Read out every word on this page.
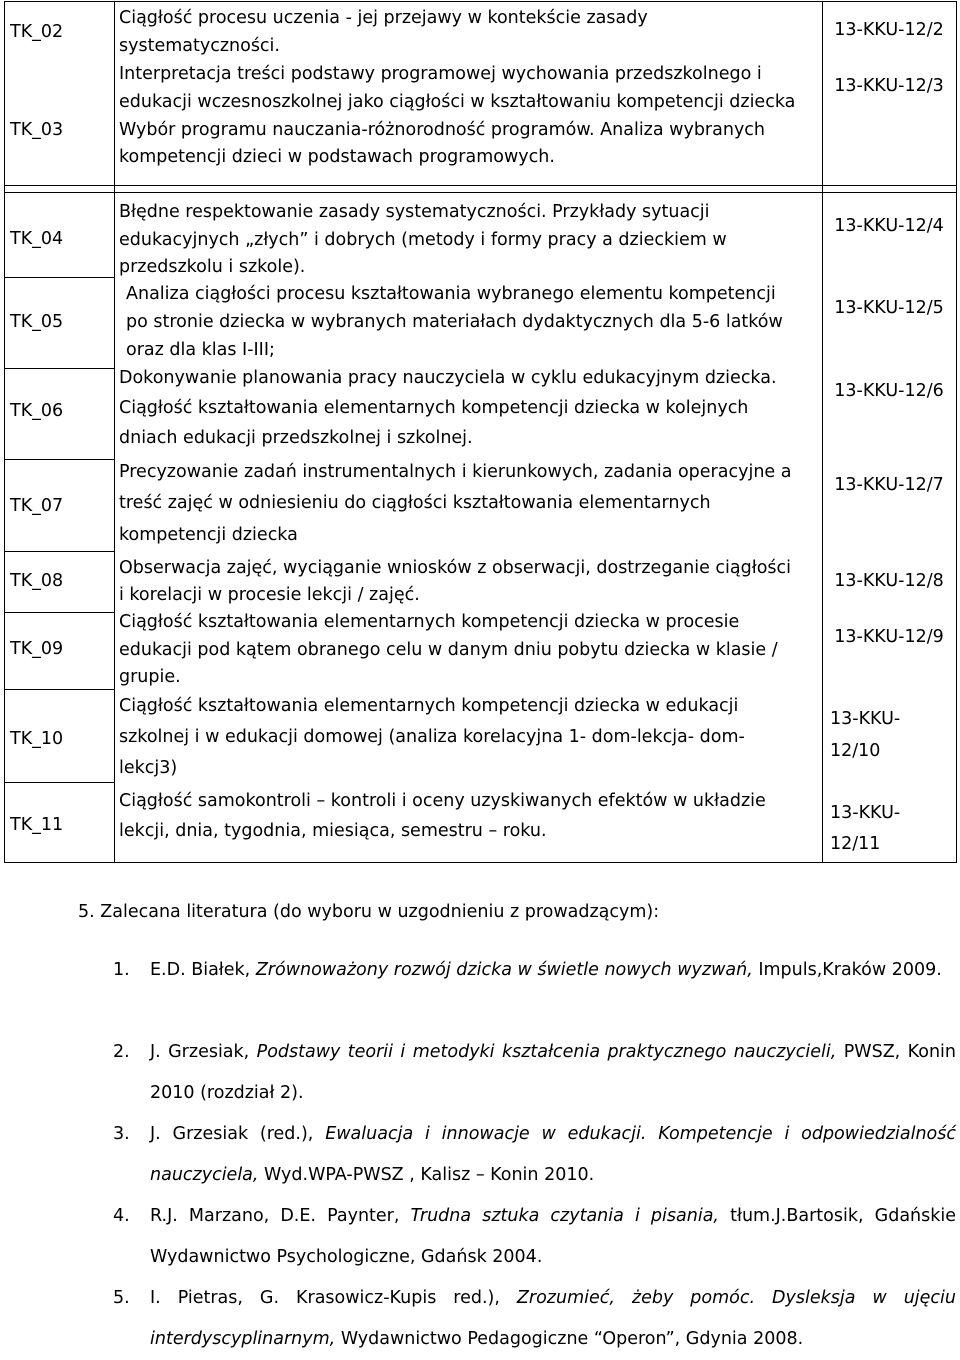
TK_02
TK_03
13-KKU-12/2
13-KKU-12/3
Ciągłość procesu uczenia - jej przejawy w kontekście zasady
systematyczności.
Interpretacja treści podstawy programowej wychowania przedszkolnego i
edukacji wczesnoszkolnej jako ciągłości w kształtowaniu kompetencji dziecka
Wybór programu nauczania-różnorodność programów. Analiza wybranych
kompetencji dzieci w podstawach programowych.
TK_04
TK_05
TK_06
TK_07
TK_08
TK_09
TK_10
TK_11
13-KKU-12/4
13-KKU-12/5
13-KKU-12/6
13-KKU-12/7
13-KKU-12/8
13-KKU-12/9
13-KKU-
12/10
13-KKU-
12/11
Błędne respektowanie zasady systematyczności. Przykłady sytuacji
edukacyjnych „złych” i dobrych (metody i formy pracy a dzieckiem w
przedszkolu i szkole).
Analiza ciągłości procesu kształtowania wybranego elementu kompetencji
po stronie dziecka w wybranych materiałach dydaktycznych dla 5-6 latków
oraz dla klas I-III;
Dokonywanie planowania pracy nauczyciela w cyklu edukacyjnym dziecka.
Ciągłość kształtowania elementarnych kompetencji dziecka w kolejnych
dniach edukacji przedszkolnej i szkolnej.
Precyzowanie zadań instrumentalnych i kierunkowych, zadania operacyjne a
treść zajęć w odniesieniu do ciągłości kształtowania elementarnych
kompetencji dziecka
Obserwacja zajęć, wyciąganie wniosków z obserwacji, dostrzeganie ciągłości
i korelacji w procesie lekcji / zajęć.
Ciągłość kształtowania elementarnych kompetencji dziecka w procesie
edukacji pod kątem obranego celu w danym dniu pobytu dziecka w klasie /
grupie.
Ciągłość kształtowania elementarnych kompetencji dziecka w edukacji
szkolnej i w edukacji domowej (analiza korelacyjna 1- dom-lekcja- dom-
lekcj3)
Ciągłość samokontroli – kontroli i oceny uzyskiwanych efektów w układzie
lekcji, dnia, tygodnia, miesiąca, semestru – roku.
5. Zalecana literatura (do wyboru w uzgodnieniu z prowadzącym):
1. E.D. Białek, Zrównoważony rozwój dzicka w świetle nowych wyzwań, Impuls,Kraków 2009.
2. J. Grzesiak, Podstawy teorii i metodyki kształcenia praktycznego nauczycieli, PWSZ, Konin 2010 (rozdział 2).
3. J. Grzesiak (red.), Ewaluacja i innowacje w edukacji. Kompetencje i odpowiedzialność nauczyciela, Wyd.WPA-PWSZ , Kalisz – Konin 2010.
4. R.J. Marzano, D.E. Paynter, Trudna sztuka czytania i pisania, tłum.J.Bartosik, Gdańskie Wydawnictwo Psychologiczne, Gdańsk 2004.
5. I. Pietras, G. Krasowicz-Kupis red.), Zrozumieć, żeby pomóc. Dysleksja w ujęciu interdyscyplinarnym, Wydawnictwo Pedagogiczne “Operon”, Gdynia 2008.
